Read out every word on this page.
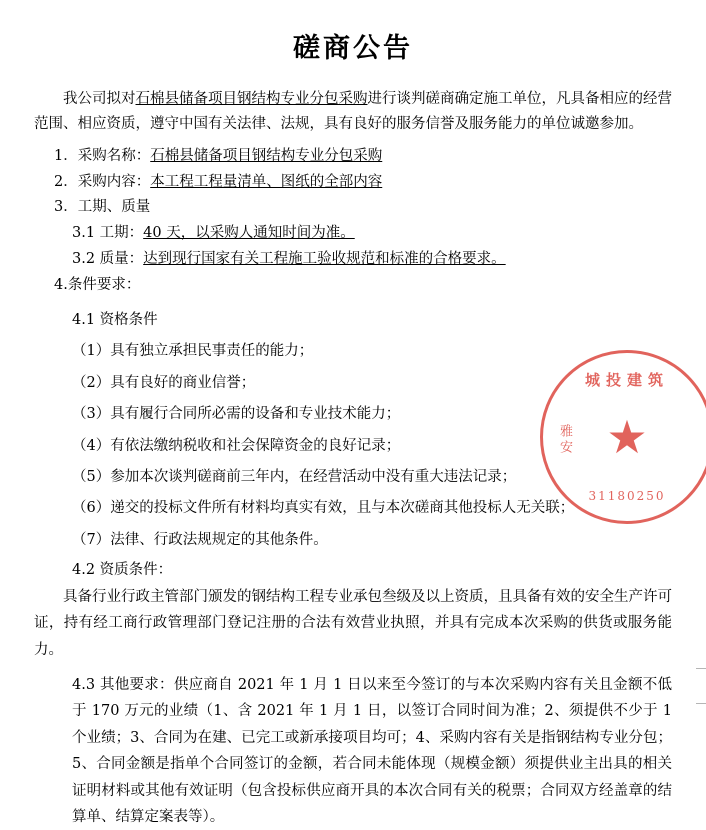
磋商公告

我公司拟对石棉县储备项目钢结构专业分包采购进行谈判磋商确定施工单位，凡具备相应的经营范围、相应资质，遵守中国有关法律、法规，具有良好的服务信誉及服务能力的单位诚邀参加。

1．采购名称：石棉县储备项目钢结构专业分包采购
2．采购内容：本工程工程量清单、图纸的全部内容
3．工期、质量
3.1 工期：40 天，以采购人通知时间为准。
3.2 质量：达到现行国家有关工程施工验收规范和标准的合格要求。
4.条件要求：
4.1 资格条件
（1）具有独立承担民事责任的能力；
（2）具有良好的商业信誉；
（3）具有履行合同所必需的设备和专业技术能力；
（4）有依法缴纳税收和社会保障资金的良好记录；
（5）参加本次谈判磋商前三年内，在经营活动中没有重大违法记录；
（6）递交的投标文件所有材料均真实有效，且与本次磋商其他投标人无关联；
（7）法律、行政法规规定的其他条件。
4.2 资质条件：

具备行业行政主管部门颁发的钢结构工程专业承包叁级及以上资质，且具备有效的安全生产许可证，持有经工商行政管理部门登记注册的合法有效营业执照，并具有完成本次采购的供货或服务能力。

4.3 其他要求：供应商自 2021 年 1 月 1 日以来至今签订的与本次采购内容有关且金额不低于 170 万元的业绩（1、含 2021 年 1 月 1 日，以签订合同时间为准；2、须提供不少于 1 个业绩；3、合同为在建、已完工或新承接项目均可；4、采购内容有关是指钢结构专业分包；5、合同金额是指单个合同签订的金额，若合同未能体现（规模金额）须提供业主出具的相关证明材料或其他有效证明（包含投标供应商开具的本次合同有关的税票；合同双方经盖章的结算单、结算定案表等）。

城投建筑
雅安 ★
31180250
